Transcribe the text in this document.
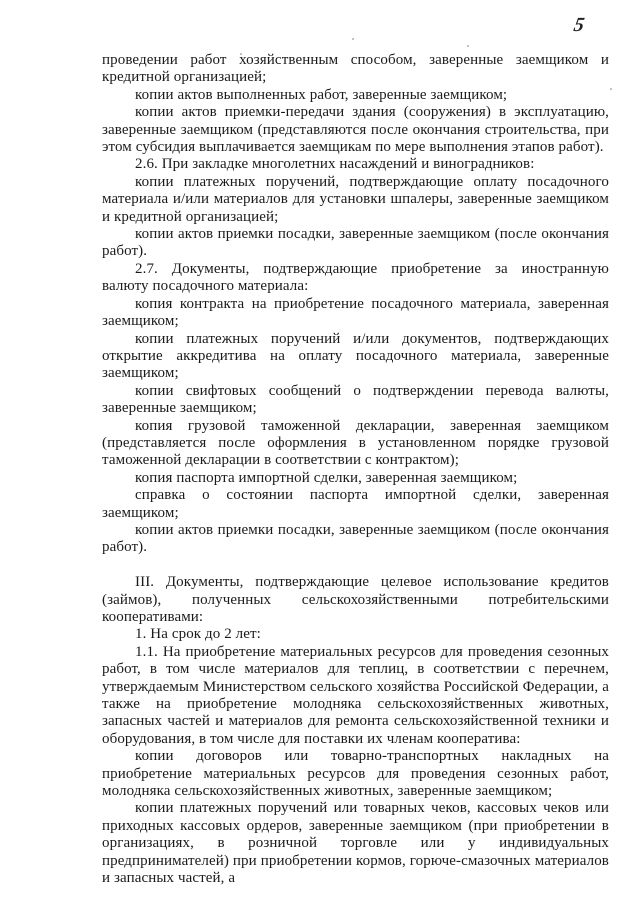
5

проведении работ хозяйственным способом, заверенные заемщиком и кредитной организацией;

копии актов выполненных работ, заверенные заемщиком;

копии актов приемки-передачи здания (сооружения) в эксплуатацию, заверенные заемщиком (представляются после окончания строительства, при этом субсидия выплачивается заемщикам по мере выполнения этапов работ).

2.6. При закладке многолетних насаждений и виноградников:

копии платежных поручений, подтверждающие оплату посадочного материала и/или материалов для установки шпалеры, заверенные заемщиком и кредитной организацией;

копии актов приемки посадки, заверенные заемщиком (после окончания работ).

2.7. Документы, подтверждающие приобретение за иностранную валюту посадочного материала:

копия контракта на приобретение посадочного материала, заверенная заемщиком;

копии платежных поручений и/или документов, подтверждающих открытие аккредитива на оплату посадочного материала, заверенные заемщиком;

копии свифтовых сообщений о подтверждении перевода валюты, заверенные заемщиком;

копия грузовой таможенной декларации, заверенная заемщиком (представляется после оформления в установленном порядке грузовой таможенной декларации в соответствии с контрактом);

копия паспорта импортной сделки, заверенная заемщиком;

справка о состоянии паспорта импортной сделки, заверенная заемщиком;

копии актов приемки посадки, заверенные заемщиком (после окончания работ).

III. Документы, подтверждающие целевое использование кредитов (займов), полученных сельскохозяйственными потребительскими кооперативами:

1. На срок до 2 лет:

1.1. На приобретение материальных ресурсов для проведения сезонных работ, в том числе материалов для теплиц, в соответствии с перечнем, утверждаемым Министерством сельского хозяйства Российской Федерации, а также на приобретение молодняка сельскохозяйственных животных, запасных частей и материалов для ремонта сельскохозяйственной техники и оборудования, в том числе для поставки их членам кооператива:

копии договоров или товарно-транспортных накладных на приобретение материальных ресурсов для проведения сезонных работ, молодняка сельскохозяйственных животных, заверенные заемщиком;

копии платежных поручений или товарных чеков, кассовых чеков или приходных кассовых ордеров, заверенные заемщиком (при приобретении в организациях, в розничной торговле или у индивидуальных предпринимателей) при приобретении кормов, горюче-смазочных материалов и запасных частей, а
